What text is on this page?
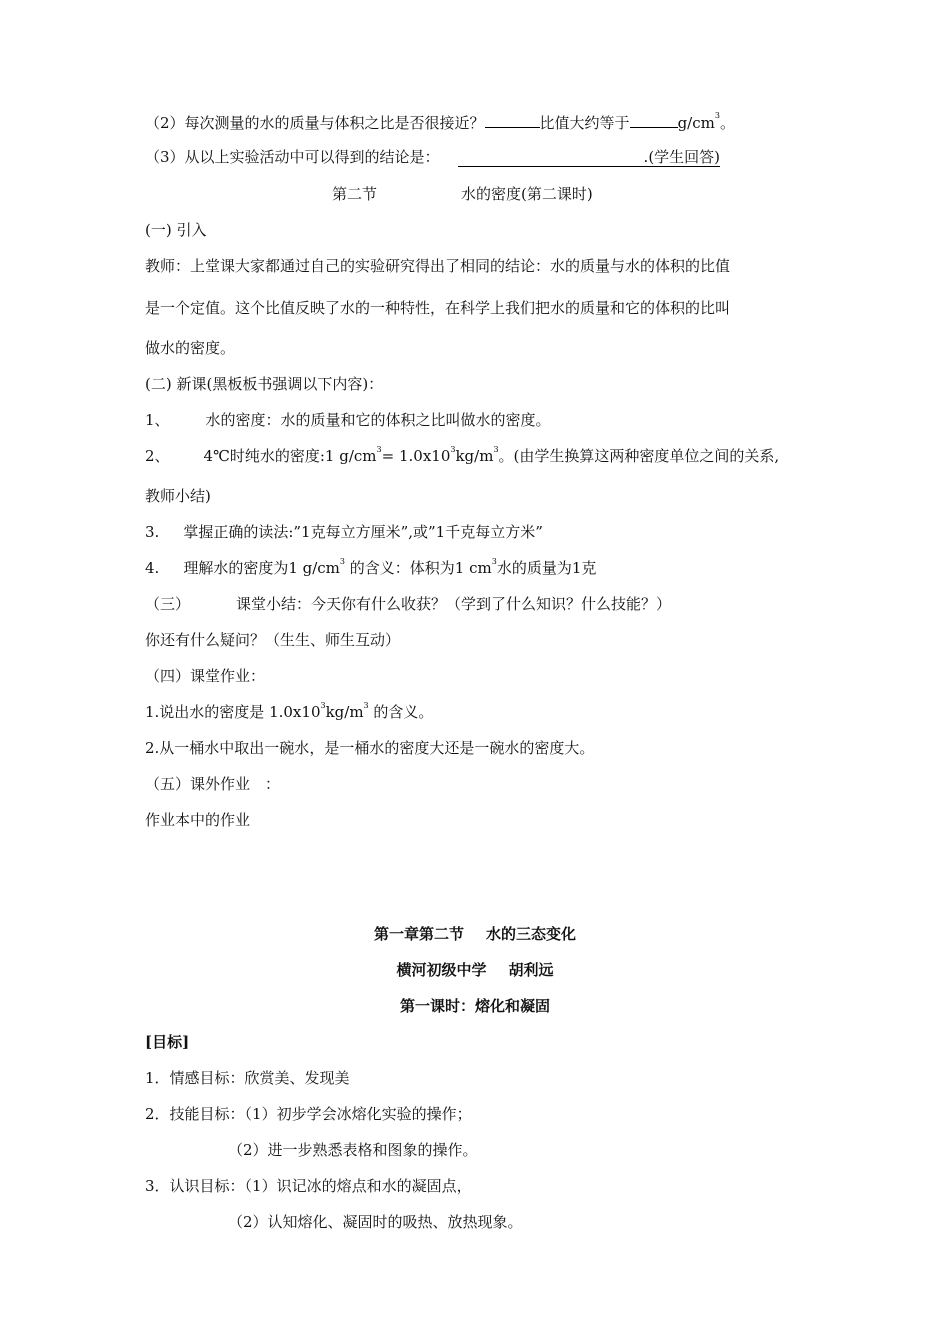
（2）每次测量的水的质量与体积之比是否很接近？	比值大约等于	$g/cm^3$。
（3）从以上实验活动中可以得到的结论是：	.(学生回答)
第二节	水的密度(第二课时)
(一) 引入
教师：上堂课大家都通过自己的实验研究得出了相同的结论：水的质量与水的体积的比值
是一个定值。这个比值反映了水的一种特性，在科学上我们把水的质量和它的体积的比叫
做水的密度。
(二) 新课(黑板板书强调以下内容)：
1、 水的密度：水的质量和它的体积之比叫做水的密度。
2、 4℃时纯水的密度:1 $g/cm^3= 1.0x10^3kg/m^3$。(由学生换算这两种密度单位之间的关系,
教师小结)
3. 掌握正确的读法:”1克每立方厘米”,或”1千克每立方米”
4. 理解水的密度为1 $g/cm^3$ 的含义：体积为1 $cm^3$水的质量为1克
（三）	课堂小结：今天你有什么收获？（学到了什么知识？什么技能？）
你还有什么疑问？（生生、师生互动）
（四）课堂作业：
1.说出水的密度是 $1.0x10^3kg/m^3$ 的含义。
2.从一桶水中取出一碗水，是一桶水的密度大还是一碗水的密度大。
（五）课外作业　：
作业本中的作业
第一章第二节 水的三态变化
横河初级中学 胡利远
第一课时：熔化和凝固
[目标]
1．情感目标：欣赏美、发现美
2．技能目标：（1）初步学会冰熔化实验的操作；
（2）进一步熟悉表格和图象的操作。
3．认识目标：（1）识记冰的熔点和水的凝固点，
（2）认知熔化、凝固时的吸热、放热现象。
